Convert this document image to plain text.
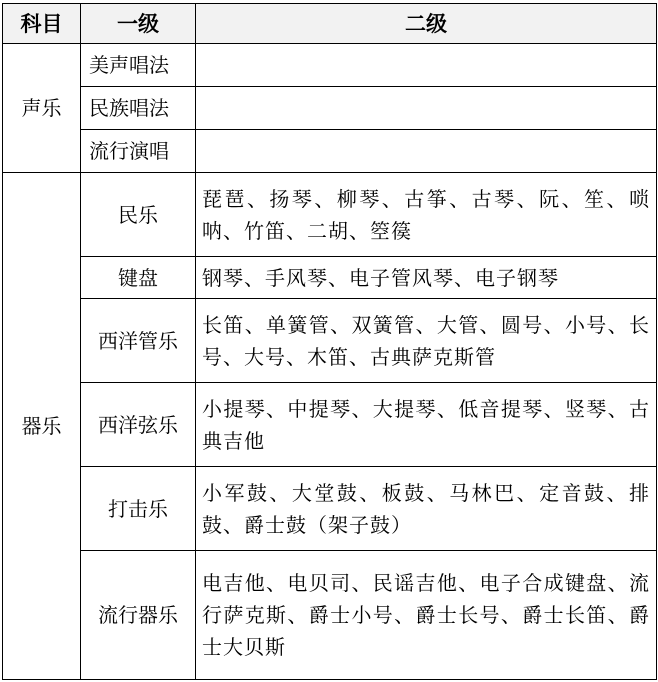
科目	一级	二级
声乐	美声唱法	
	民族唱法	
	流行演唱	
器乐	民乐	琵琶、扬琴、柳琴、古筝、古琴、阮、笙、唢呐、竹笛、二胡、箜篌
	键盘	钢琴、手风琴、电子管风琴、电子钢琴
	西洋管乐	长笛、单簧管、双簧管、大管、圆号、小号、长号、大号、木笛、古典萨克斯管
	西洋弦乐	小提琴、中提琴、大提琴、低音提琴、竖琴、古典吉他
	打击乐	小军鼓、大堂鼓、板鼓、马林巴、定音鼓、排鼓、爵士鼓（架子鼓）
	流行器乐	电吉他、电贝司、民谣吉他、电子合成键盘、流行萨克斯、爵士小号、爵士长号、爵士长笛、爵士大贝斯
